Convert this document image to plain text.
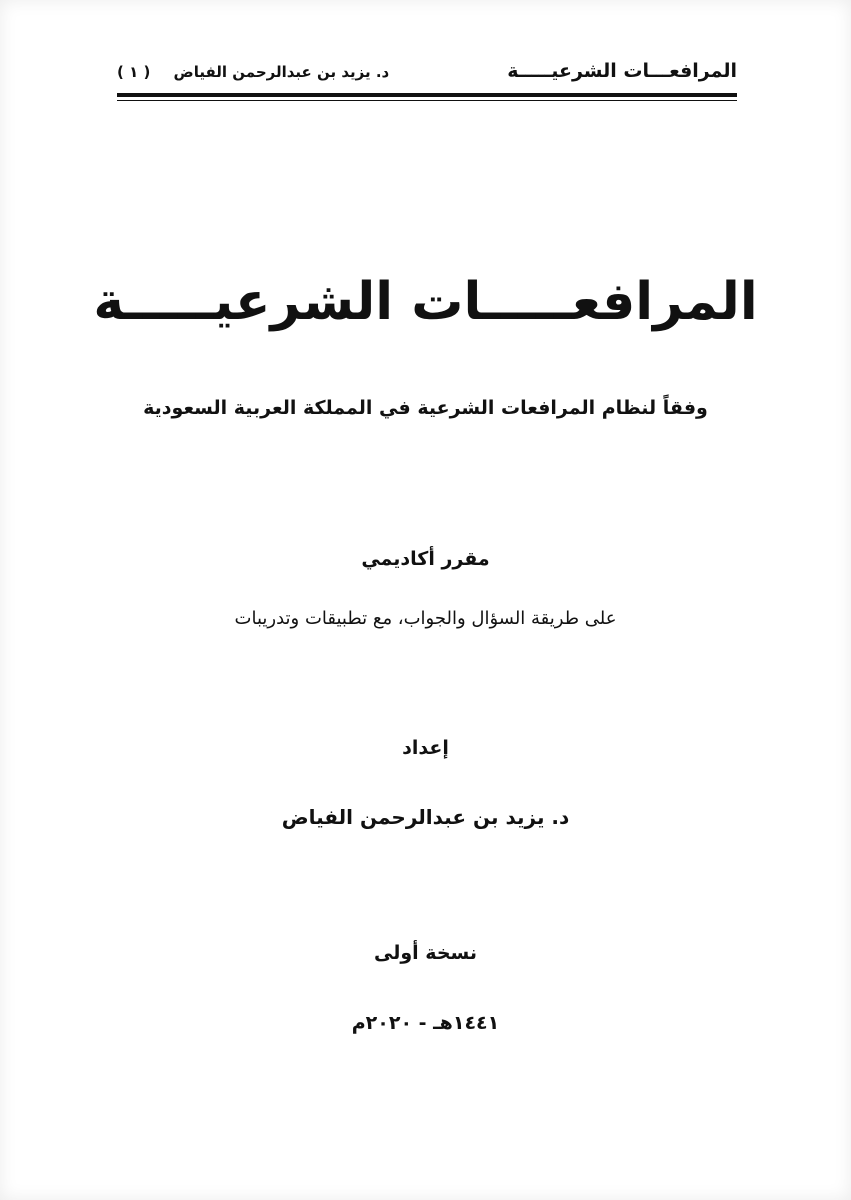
المرافعـــات الشرعيـــــة
د. يزيد بن عبدالرحمن الفياض ( ١ )
المرافعـــــات الشرعيـــــة
وفقاً لنظام المرافعات الشرعية في المملكة العربية السعودية
مقرر أكاديمي
على طريقة السؤال والجواب، مع تطبيقات وتدريبات
إعداد
د. يزيد بن عبدالرحمن الفياض
نسخة أولى
١٤٤١هـ - ٢٠٢٠م
